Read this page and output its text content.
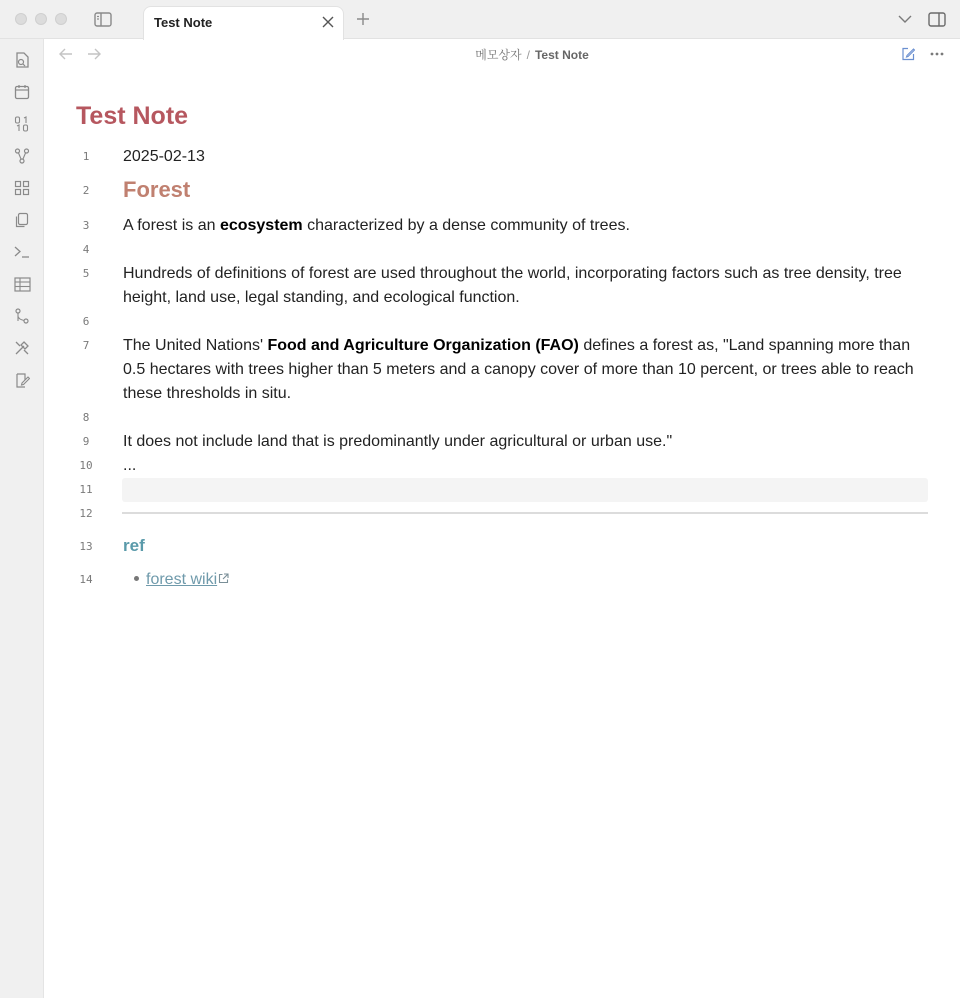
Test Note
메모상자 / Test Note
Test Note
1
2
3
4
5
6
7
8
9
10
11
12
13
14
2025-02-13
Forest
A forest is an ecosystem characterized by a dense community of trees.
Hundreds of definitions of forest are used throughout the world, incorporating factors such as tree density, tree height, land use, legal standing, and ecological function.
The United Nations' Food and Agriculture Organization (FAO) defines a forest as, "Land spanning more than 0.5 hectares with trees higher than 5 meters and a canopy cover of more than 10 percent, or trees able to reach these thresholds in situ.
It does not include land that is predominantly under agricultural or urban use."
...
ref
forest wiki
